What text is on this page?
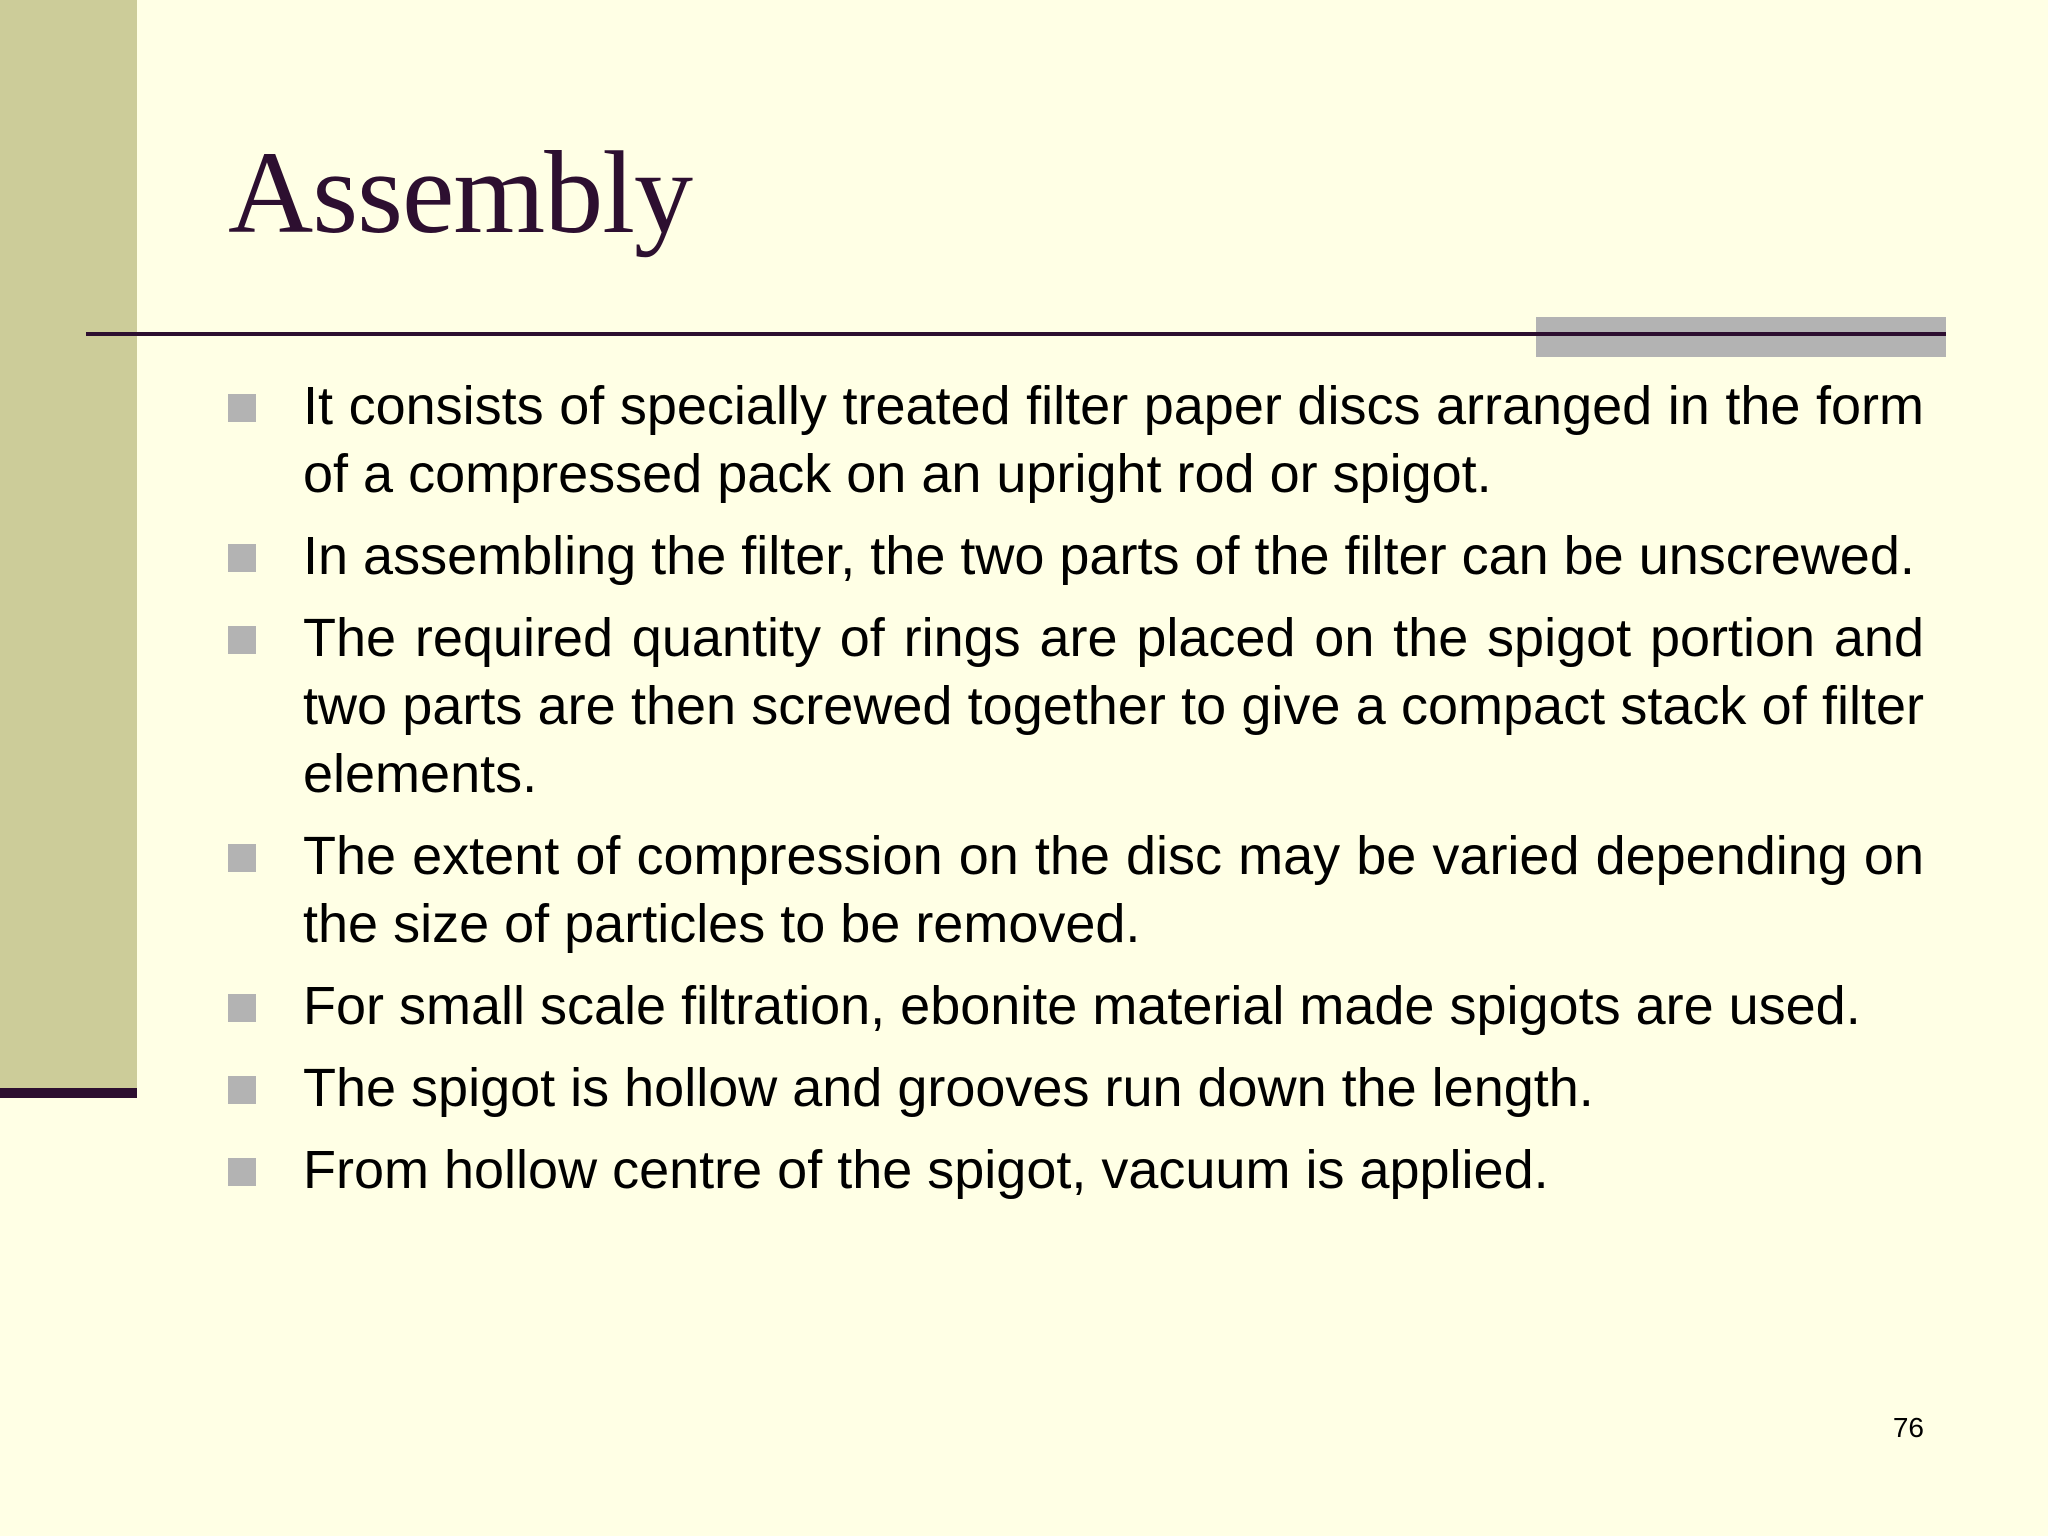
Assembly
It consists of specially treated filter paper discs arranged in the form of a compressed pack on an upright rod or spigot.
In assembling the filter, the two parts of the filter can be unscrewed.
The required quantity of rings are placed on the spigot portion and two parts are then screwed together to give a compact stack of filter elements.
The extent of compression on the disc may be varied depending on the size of particles to be removed.
For small scale filtration, ebonite material made spigots are used.
The spigot is hollow and grooves run down the length.
From hollow centre of the spigot, vacuum is applied.
76
